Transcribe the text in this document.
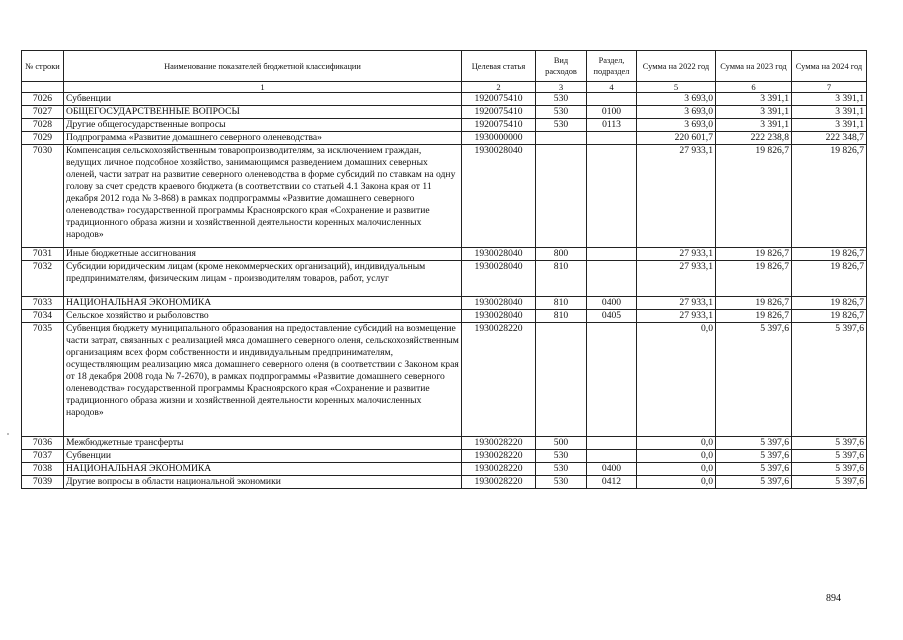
№ строки	Наименование показателей бюджетной классификации	Целевая статья	Вид расходов	Раздел, подраздел	Сумма на 2022 год	Сумма на 2023 год	Сумма на 2024 год
	1	2	3	4	5	6	7
7026	Субвенции	1920075410	530		3 693,0	3 391,1	3 391,1
7027	ОБЩЕГОСУДАРСТВЕННЫЕ ВОПРОСЫ	1920075410	530	0100	3 693,0	3 391,1	3 391,1
7028	Другие общегосударственные вопросы	1920075410	530	0113	3 693,0	3 391,1	3 391,1
7029	Подпрограмма «Развитие домашнего северного оленеводства»	1930000000			220 601,7	222 238,8	222 348,7
7030	Компенсация сельскохозяйственным товаропроизводителям, за исключением граждан, ведущих личное подсобное хозяйство, занимающимся разведением домашних северных оленей, части затрат на развитие северного оленеводства в форме субсидий по ставкам на одну голову за счет средств краевого бюджета (в соответствии со статьей 4.1 Закона края от 11 декабря 2012 года № 3-868) в рамках подпрограммы «Развитие домашнего северного оленеводства» государственной программы Красноярского края «Сохранение и развитие традиционного образа жизни и хозяйственной деятельности коренных малочисленных народов»	1930028040			27 933,1	19 826,7	19 826,7
7031	Иные бюджетные ассигнования	1930028040	800		27 933,1	19 826,7	19 826,7
7032	Субсидии юридическим лицам (кроме некоммерческих организаций), индивидуальным предпринимателям, физическим лицам - производителям товаров, работ, услуг	1930028040	810		27 933,1	19 826,7	19 826,7
7033	НАЦИОНАЛЬНАЯ ЭКОНОМИКА	1930028040	810	0400	27 933,1	19 826,7	19 826,7
7034	Сельское хозяйство и рыболовство	1930028040	810	0405	27 933,1	19 826,7	19 826,7
7035	Субвенция бюджету муниципального образования на предоставление субсидий на возмещение части затрат, связанных с реализацией мяса домашнего северного оленя, сельскохозяйственным организациям всех форм собственности и индивидуальным предпринимателям, осуществляющим реализацию мяса домашнего северного оленя (в соответствии с Законом края от 18 декабря 2008 года № 7-2670), в рамках подпрограммы «Развитие домашнего северного оленеводства» государственной программы Красноярского края «Сохранение и развитие традиционного образа жизни и хозяйственной деятельности коренных малочисленных народов»	1930028220			0,0	5 397,6	5 397,6
7036	Межбюджетные трансферты	1930028220	500		0,0	5 397,6	5 397,6
7037	Субвенции	1930028220	530		0,0	5 397,6	5 397,6
7038	НАЦИОНАЛЬНАЯ ЭКОНОМИКА	1930028220	530	0400	0,0	5 397,6	5 397,6
7039	Другие вопросы в области национальной экономики	1930028220	530	0412	0,0	5 397,6	5 397,6
894
